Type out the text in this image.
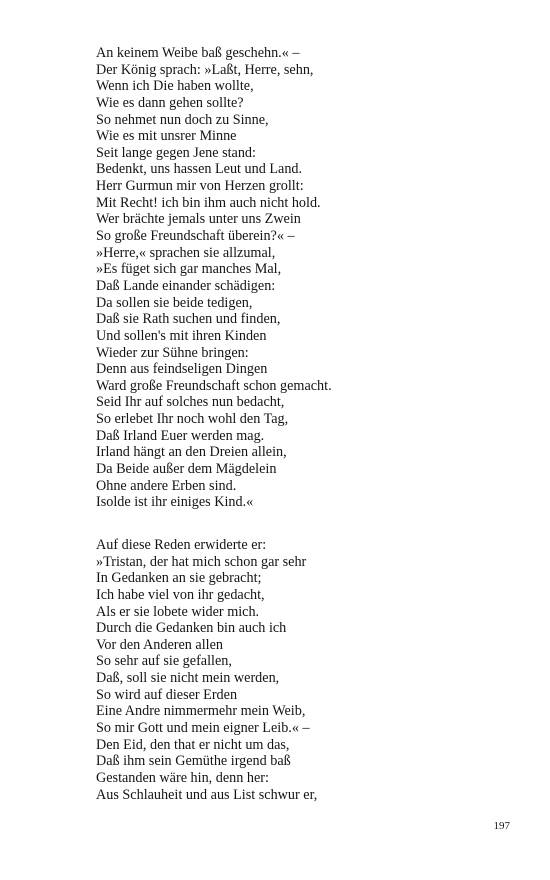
An keinem Weibe baß geschehn.« –
Der König sprach: »Laßt, Herre, sehn,
Wenn ich Die haben wollte,
Wie es dann gehen sollte?
So nehmet nun doch zu Sinne,
Wie es mit unsrer Minne
Seit lange gegen Jene stand:
Bedenkt, uns hassen Leut und Land.
Herr Gurmun mir von Herzen grollt:
Mit Recht! ich bin ihm auch nicht hold.
Wer brächte jemals unter uns Zwein
So große Freundschaft überein?« –
»Herre,« sprachen sie allzumal,
»Es füget sich gar manches Mal,
Daß Lande einander schädigen:
Da sollen sie beide tedigen,
Daß sie Rath suchen und finden,
Und sollen's mit ihren Kinden
Wieder zur Sühne bringen:
Denn aus feindseligen Dingen
Ward große Freundschaft schon gemacht.
Seid Ihr auf solches nun bedacht,
So erlebet Ihr noch wohl den Tag,
Daß Irland Euer werden mag.
Irland hängt an den Dreien allein,
Da Beide außer dem Mägdelein
Ohne andere Erben sind.
Isolde ist ihr einiges Kind.«
Auf diese Reden erwiderte er:
»Tristan, der hat mich schon gar sehr
In Gedanken an sie gebracht;
Ich habe viel von ihr gedacht,
Als er sie lobete wider mich.
Durch die Gedanken bin auch ich
Vor den Anderen allen
So sehr auf sie gefallen,
Daß, soll sie nicht mein werden,
So wird auf dieser Erden
Eine Andre nimmermehr mein Weib,
So mir Gott und mein eigner Leib.« –
Den Eid, den that er nicht um das,
Daß ihm sein Gemüthe irgend baß
Gestanden wäre hin, denn her:
Aus Schlauheit und aus List schwur er,
197
